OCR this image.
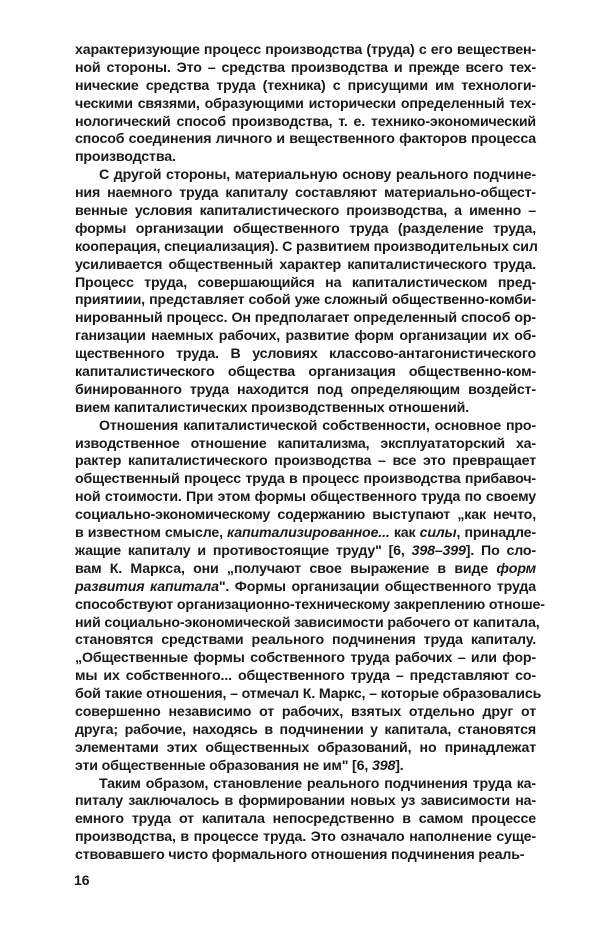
характеризующие процесс производства (труда) с его веществен-
ной стороны. Это – средства производства и прежде всего тех-
нические средства труда (техника) с присущими им технологи-
ческими связями, образующими исторически определенный тех-
нологический способ производства, т. е. технико-экономический
способ соединения личного и вещественного факторов процесса
производства.
С другой стороны, материальную основу реального подчине-
ния наемного труда капиталу составляют материально-общест-
венные условия капиталистического производства, а именно –
формы организации общественного труда (разделение труда,
кооперация, специализация). С развитием производительных сил
усиливается общественный характер капиталистического труда.
Процесс труда, совершающийся на капиталистическом пред-
приятиии, представляет собой уже сложный общественно-комби-
нированный процесс. Он предполагает определенный способ ор-
ганизации наемных рабочих, развитие форм организации их об-
щественного труда. В условиях классово-антагонистического
капиталистического общества организация общественно-ком-
бинированного труда находится под определяющим воздейст-
вием капиталистических производственных отношений.
Отношения капиталистической собственности, основное про-
изводственное отношение капитализма, эксплуататорский ха-
рактер капиталистического производства – все это превращает
общественный процесс труда в процесс производства прибавоч-
ной стоимости. При этом формы общественного труда по своему
социально-экономическому содержанию выступают „как нечто,
в известном смысле, капитализированное... как силы, принадле-
жащие капиталу и противостоящие труду" [6, 398–399]. По сло-
вам К. Маркса, они „получают свое выражение в виде форм
развития капитала". Формы организации общественного труда
способствуют организационно-техническому закреплению отноше-
ний социально-экономической зависимости рабочего от капитала,
становятся средствами реального подчинения труда капиталу.
„Общественные формы собственного труда рабочих – или фор-
мы их собственного... общественного труда – представляют со-
бой такие отношения, – отмечал К. Маркс, – которые образовались
совершенно независимо от рабочих, взятых отдельно друг от
друга; рабочие, находясь в подчинении у капитала, становятся
элементами этих общественных образований, но принадлежат
эти общественные образования не им" [6, 398].
Таким образом, становление реального подчинения труда ка-
питалу заключалось в формировании новых уз зависимости на-
емного труда от капитала непосредственно в самом процессе
производства, в процессе труда. Это означало наполнение суще-
ствовавшего чисто формального отношения подчинения реаль-
16
